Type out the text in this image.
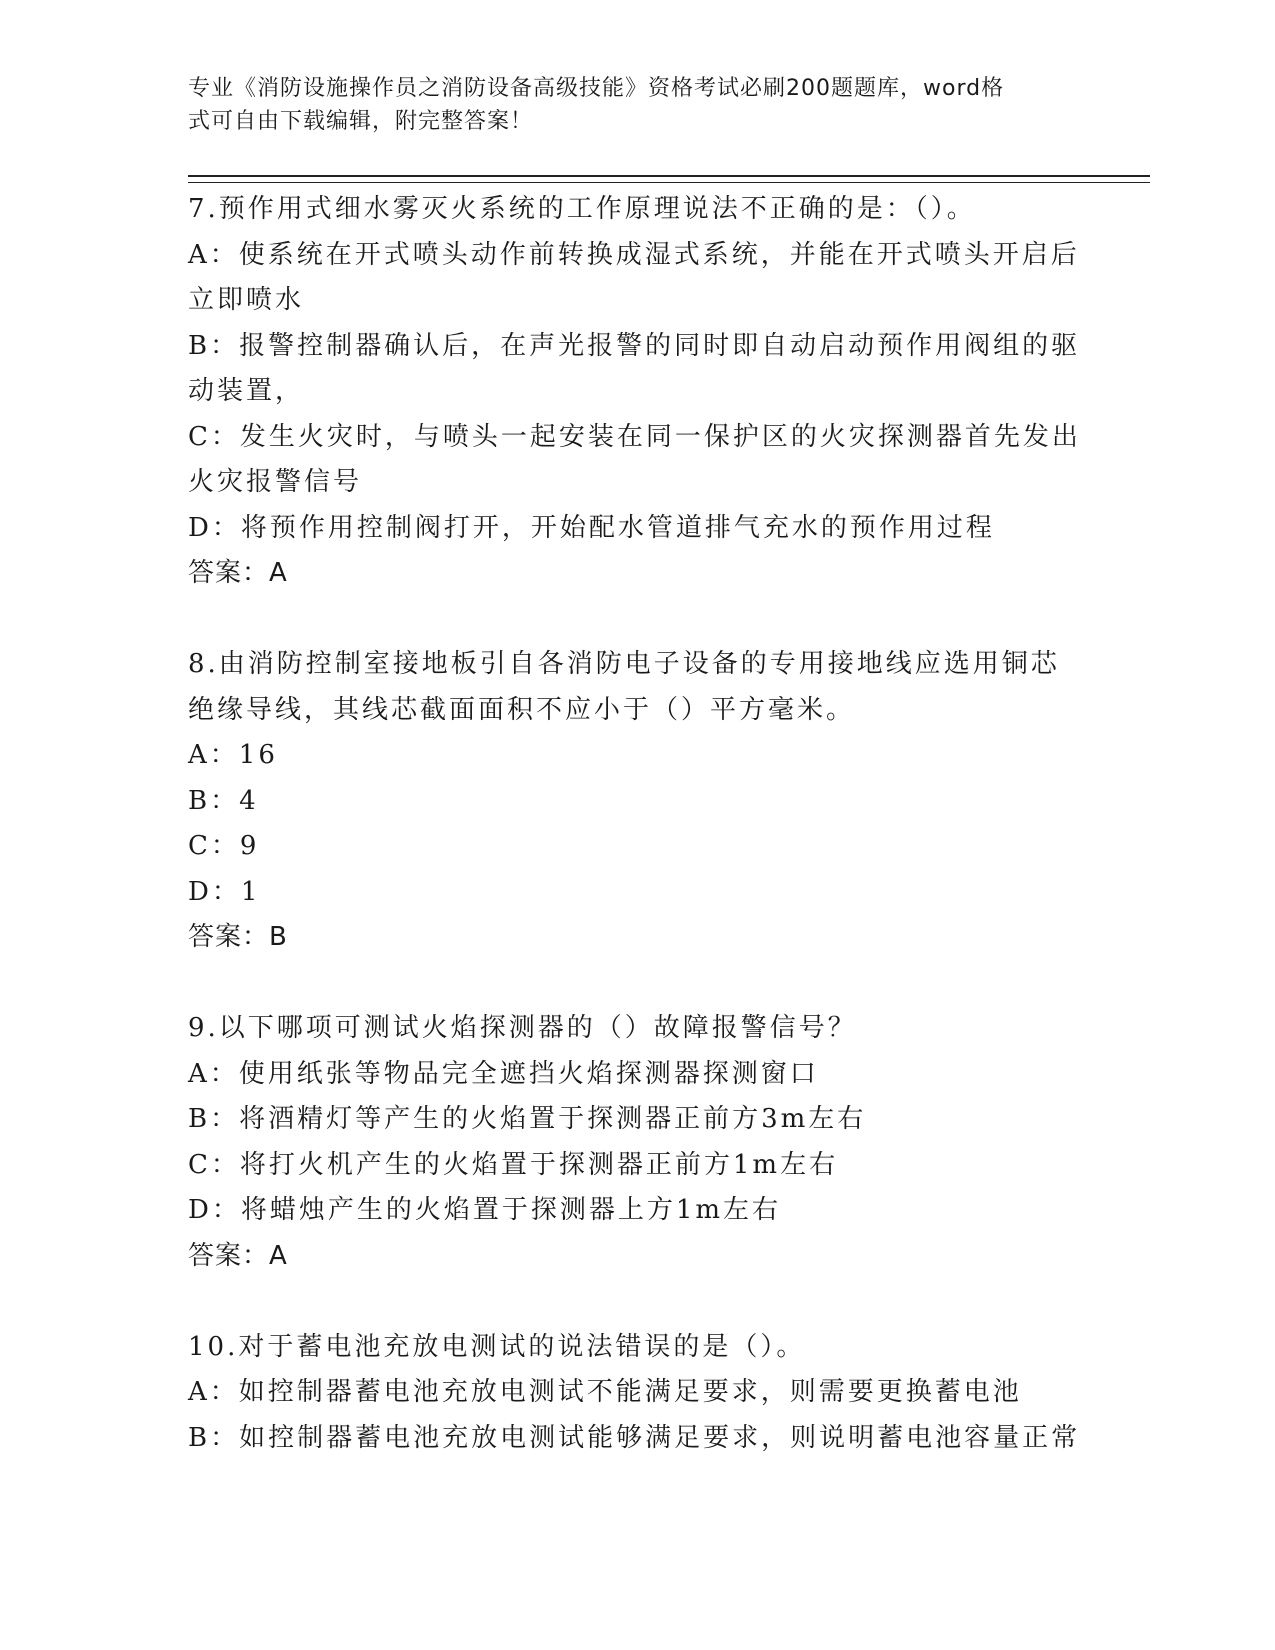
专业《消防设施操作员之消防设备高级技能》资格考试必刷200题题库，word格
式可自由下载编辑，附完整答案！
7.预作用式细水雾灭火系统的工作原理说法不正确的是：（）。
A：使系统在开式喷头动作前转换成湿式系统，并能在开式喷头开启后
立即喷水
B：报警控制器确认后，在声光报警的同时即自动启动预作用阀组的驱
动装置，
C：发生火灾时，与喷头一起安装在同一保护区的火灾探测器首先发出
火灾报警信号
D：将预作用控制阀打开，开始配水管道排气充水的预作用过程
答案：A
8.由消防控制室接地板引自各消防电子设备的专用接地线应选用铜芯
绝缘导线，其线芯截面面积不应小于（）平方毫米。
A：16
B：4
C：9
D：1
答案：B
9.以下哪项可测试火焰探测器的（）故障报警信号？
A：使用纸张等物品完全遮挡火焰探测器探测窗口
B：将酒精灯等产生的火焰置于探测器正前方3m左右
C：将打火机产生的火焰置于探测器正前方1m左右
D：将蜡烛产生的火焰置于探测器上方1m左右
答案：A
10.对于蓄电池充放电测试的说法错误的是（）。
A：如控制器蓄电池充放电测试不能满足要求，则需要更换蓄电池
B：如控制器蓄电池充放电测试能够满足要求，则说明蓄电池容量正常
